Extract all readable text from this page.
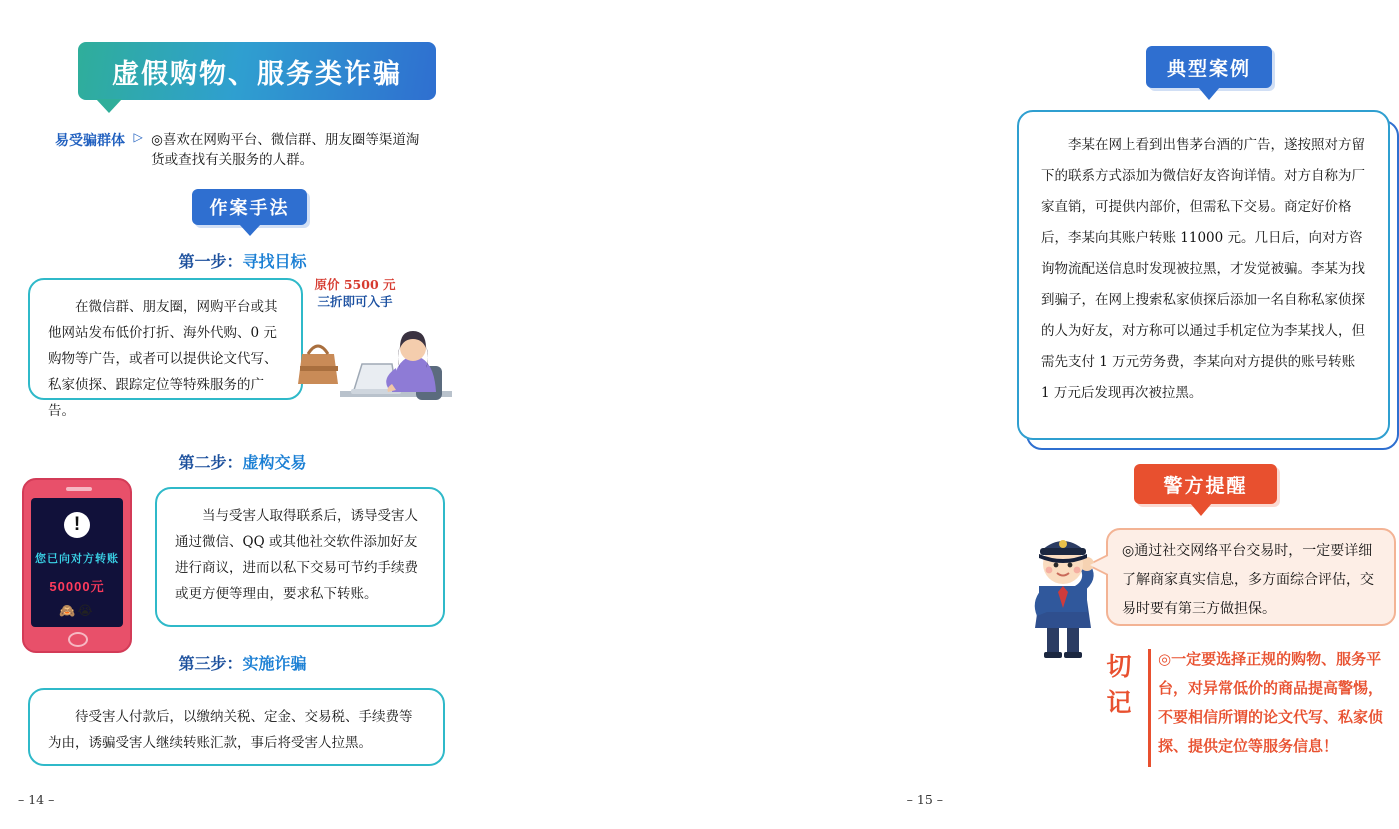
虚假购物、服务类诈骗
易受骗群体 ▷ ◎喜欢在网购平台、微信群、朋友圈等渠道淘货或查找有关服务的人群。
作案手法
第一步：寻找目标
在微信群、朋友圈，网购平台或其他网站发布低价打折、海外代购、0 元购物等广告，或者可以提供论文代写、私家侦探、跟踪定位等特殊服务的广告。
原价 5500 元
三折即可入手
第二步：虚构交易
当与受害人取得联系后，诱导受害人通过微信、QQ 或其他社交软件添加好友进行商议，进而以私下交易可节约手续费或更方便等理由，要求私下转账。
!
您已向对方转账
50000元
🙈😭
第三步：实施诈骗
待受害人付款后，以缴纳关税、定金、交易税、手续费等为由，诱骗受害人继续转账汇款，事后将受害人拉黑。
– 14 –
典型案例
李某在网上看到出售茅台酒的广告，遂按照对方留下的联系方式添加为微信好友咨询详情。对方自称为厂家直销，可提供内部价，但需私下交易。商定好价格后，李某向其账户转账 11000 元。几日后，向对方咨询物流配送信息时发现被拉黑，才发觉被骗。李某为找到骗子，在网上搜索私家侦探后添加一名自称私家侦探的人为好友，对方称可以通过手机定位为李某找人，但需先支付 1 万元劳务费，李某向对方提供的账号转账 1 万元后发现再次被拉黑。
警方提醒
◎通过社交网络平台交易时，一定要详细了解商家真实信息，多方面综合评估，交易时要有第三方做担保。
切记
◎一定要选择正规的购物、服务平台，对异常低价的商品提高警惕，不要相信所谓的论文代写、私家侦探、提供定位等服务信息！
– 15 –
